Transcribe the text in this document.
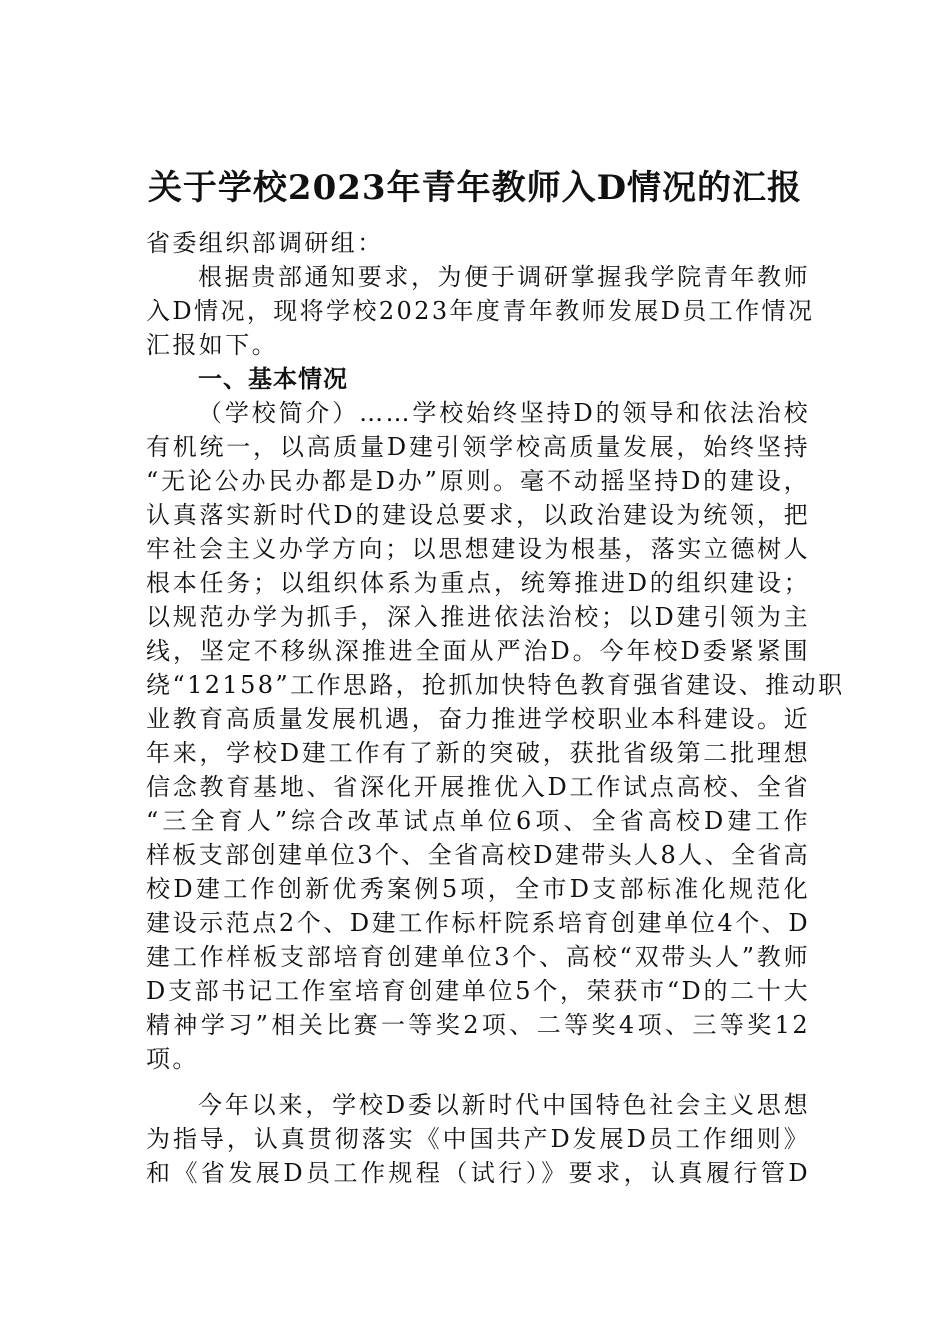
关于学校2023年青年教师入D情况的汇报
省委组织部调研组：
根据贵部通知要求，为便于调研掌握我学院青年教师
入D情况，现将学校2023年度青年教师发展D员工作情况
汇报如下。
一、基本情况
（学校简介）……学校始终坚持D的领导和依法治校
有机统一，以高质量D建引领学校高质量发展，始终坚持
“无论公办民办都是D办”原则。毫不动摇坚持D的建设，
认真落实新时代D的建设总要求，以政治建设为统领，把
牢社会主义办学方向；以思想建设为根基，落实立德树人
根本任务；以组织体系为重点，统筹推进D的组织建设；
以规范办学为抓手，深入推进依法治校；以D建引领为主
线，坚定不移纵深推进全面从严治D。今年校D委紧紧围
绕“12158”工作思路，抢抓加快特色教育强省建设、推动职
业教育高质量发展机遇，奋力推进学校职业本科建设。近
年来，学校D建工作有了新的突破，获批省级第二批理想
信念教育基地、省深化开展推优入D工作试点高校、全省
“三全育人”综合改革试点单位6项、全省高校D建工作
样板支部创建单位3个、全省高校D建带头人8人、全省高
校D建工作创新优秀案例5项，全市D支部标准化规范化
建设示范点2个、D建工作标杆院系培育创建单位4个、D
建工作样板支部培育创建单位3个、高校“双带头人”教师
D支部书记工作室培育创建单位5个，荣获市“D的二十大
精神学习”相关比赛一等奖2项、二等奖4项、三等奖12
项。
今年以来，学校D委以新时代中国特色社会主义思想
为指导，认真贯彻落实《中国共产D发展D员工作细则》
和《省发展D员工作规程（试行）》要求，认真履行管D
